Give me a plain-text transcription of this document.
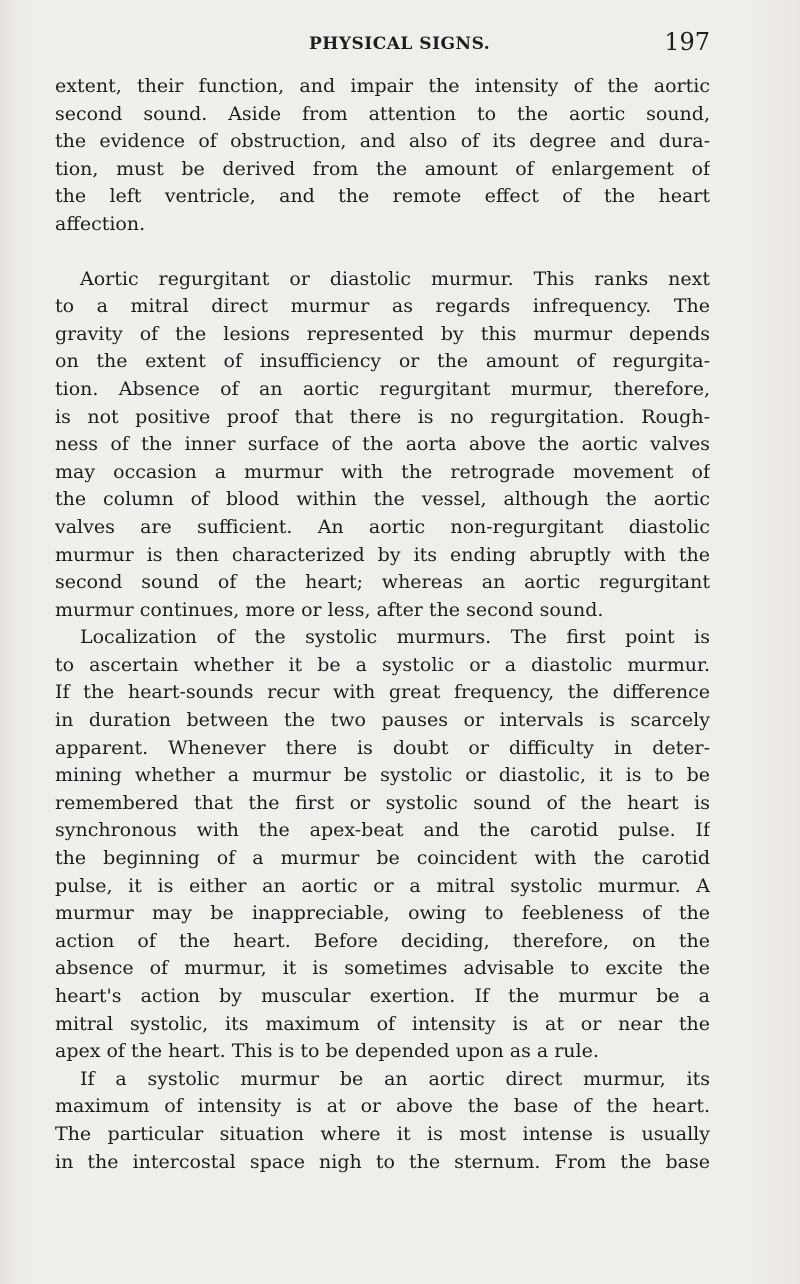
PHYSICAL SIGNS.	197
extent, their function, and impair the intensity of the aortic
second sound. Aside from attention to the aortic sound,
the evidence of obstruction, and also of its degree and dura-
tion, must be derived from the amount of enlargement of
the left ventricle, and the remote effect of the heart
affection.
Aortic regurgitant or diastolic murmur. This ranks next
to a mitral direct murmur as regards infrequency. The
gravity of the lesions represented by this murmur depends
on the extent of insufficiency or the amount of regurgita-
tion. Absence of an aortic regurgitant murmur, therefore,
is not positive proof that there is no regurgitation. Rough-
ness of the inner surface of the aorta above the aortic valves
may occasion a murmur with the retrograde movement of
the column of blood within the vessel, although the aortic
valves are sufficient. An aortic non-regurgitant diastolic
murmur is then characterized by its ending abruptly with the
second sound of the heart; whereas an aortic regurgitant
murmur continues, more or less, after the second sound.
Localization of the systolic murmurs. The first point is
to ascertain whether it be a systolic or a diastolic murmur.
If the heart-sounds recur with great frequency, the difference
in duration between the two pauses or intervals is scarcely
apparent. Whenever there is doubt or difficulty in deter-
mining whether a murmur be systolic or diastolic, it is to be
remembered that the first or systolic sound of the heart is
synchronous with the apex-beat and the carotid pulse. If
the beginning of a murmur be coincident with the carotid
pulse, it is either an aortic or a mitral systolic murmur. A
murmur may be inappreciable, owing to feebleness of the
action of the heart. Before deciding, therefore, on the
absence of murmur, it is sometimes advisable to excite the
heart's action by muscular exertion. If the murmur be a
mitral systolic, its maximum of intensity is at or near the
apex of the heart. This is to be depended upon as a rule.
If a systolic murmur be an aortic direct murmur, its
maximum of intensity is at or above the base of the heart.
The particular situation where it is most intense is usually
in the intercostal space nigh to the sternum. From the base
